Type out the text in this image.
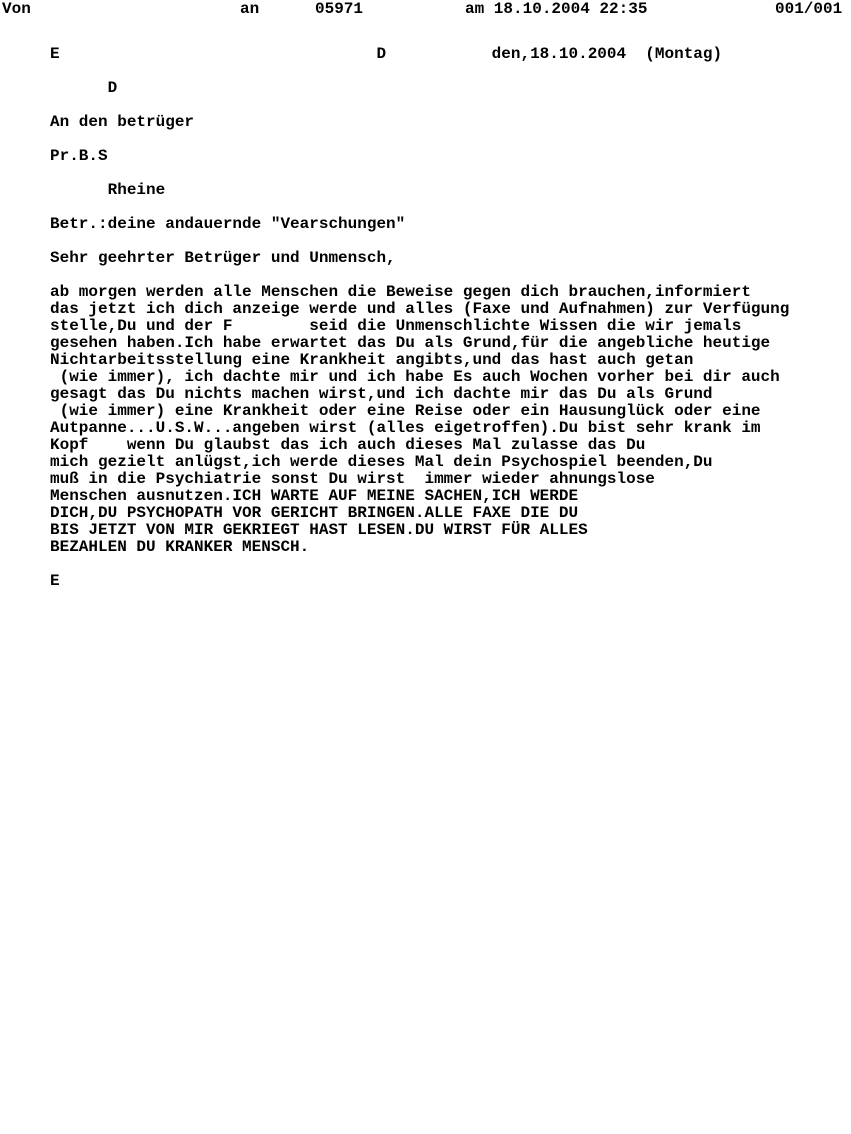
Von	an	05971	am 18.10.2004 22:35	001/001
E                                 D           den,18.10.2004  (Montag)
D
An den betrüger
Pr.B.S
Rheine
Betr.:deine andauernde "Vearschungen"
Sehr geehrter Betrüger und Unmensch,
ab morgen werden alle Menschen die Beweise gegen dich brauchen,informiert
das jetzt ich dich anzeige werde und alles (Faxe und Aufnahmen) zur Verfügung
stelle,Du und der F        seid die Unmenschlichte Wissen die wir jemals
gesehen haben.Ich habe erwartet das Du als Grund,für die angebliche heutige
Nichtarbeitsstellung eine Krankheit angibts,und das hast auch getan
(wie immer), ich dachte mir und ich habe Es auch Wochen vorher bei dir auch
gesagt das Du nichts machen wirst,und ich dachte mir das Du als Grund
(wie immer) eine Krankheit oder eine Reise oder ein Hausunglück oder eine
Autpanne...U.S.W...angeben wirst (alles eigetroffen).Du bist sehr krank im
Kopf    wenn Du glaubst das ich auch dieses Mal zulasse das Du
mich gezielt anlügst,ich werde dieses Mal dein Psychospiel beenden,Du
muß in die Psychiatrie sonst Du wirst  immer wieder ahnungslose
Menschen ausnutzen.ICH WARTE AUF MEINE SACHEN,ICH WERDE
DICH,DU PSYCHOPATH VOR GERICHT BRINGEN.ALLE FAXE DIE DU
BIS JETZT VON MIR GEKRIEGT HAST LESEN.DU WIRST FÜR ALLES
BEZAHLEN DU KRANKER MENSCH.
E
